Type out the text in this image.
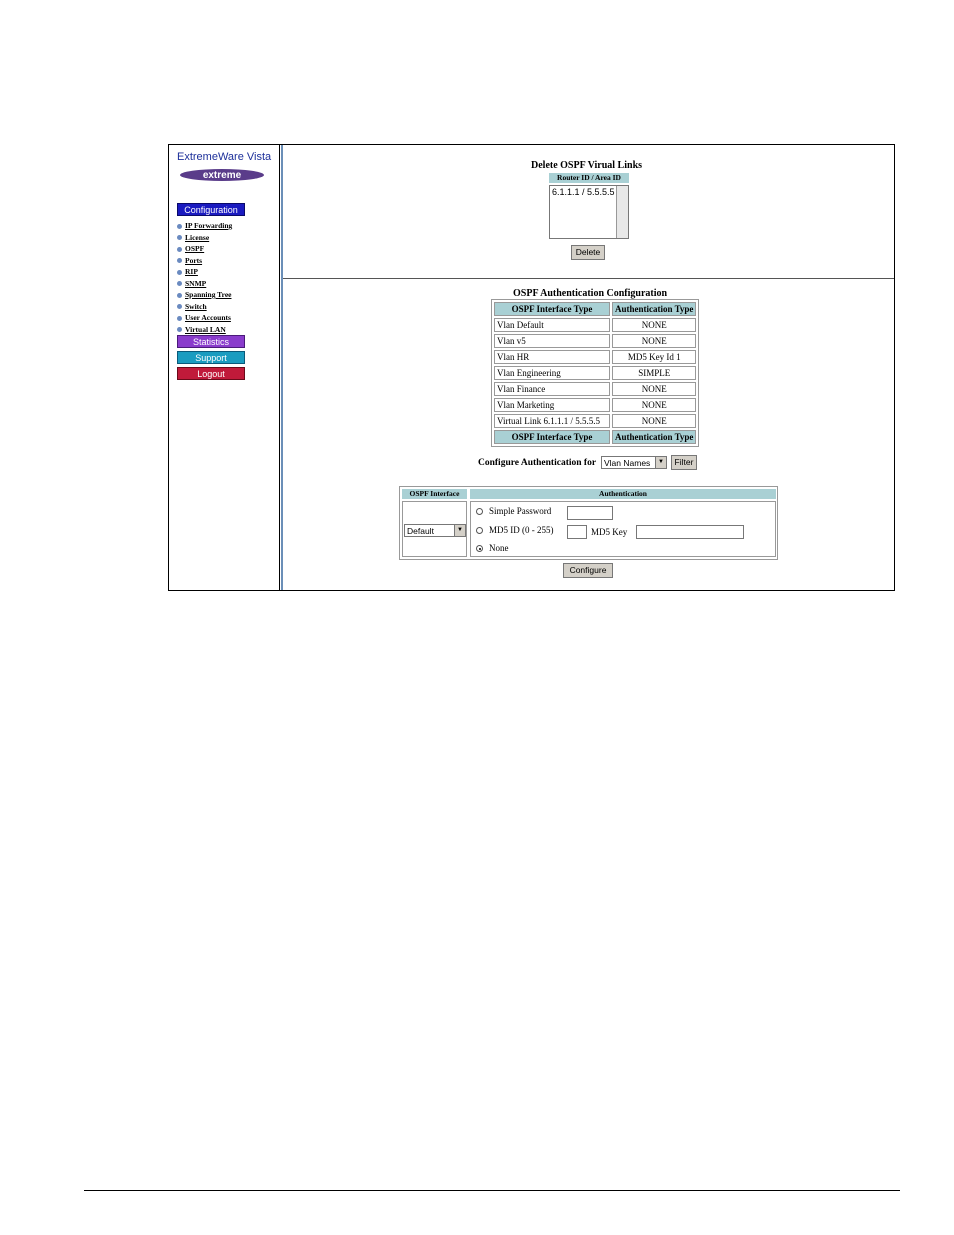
ExtremeWare Vista
extreme
Configuration
IP Forwarding
License
OSPF
Ports
RIP
SNMP
Spanning Tree
Switch
User Accounts
Virtual LAN
Statistics
Support
Logout
Delete OSPF Virual Links
Router ID / Area ID
6.1.1.1 / 5.5.5.5
Delete
OSPF Authentication Configuration
OSPF Interface Type	Authentication Type
Vlan Default	NONE
Vlan v5	NONE
Vlan HR	MD5 Key Id 1
Vlan Engineering	SIMPLE
Vlan Finance	NONE
Vlan Marketing	NONE
Virtual Link 6.1.1.1 / 5.5.5.5	NONE
OSPF Interface Type	Authentication Type
Configure Authentication for Vlan Names	▼	Filter
OSPF Interface	Authentication
Default	▼
Simple Password
MD5 ID (0 - 255)	MD5 Key
None
Configure
